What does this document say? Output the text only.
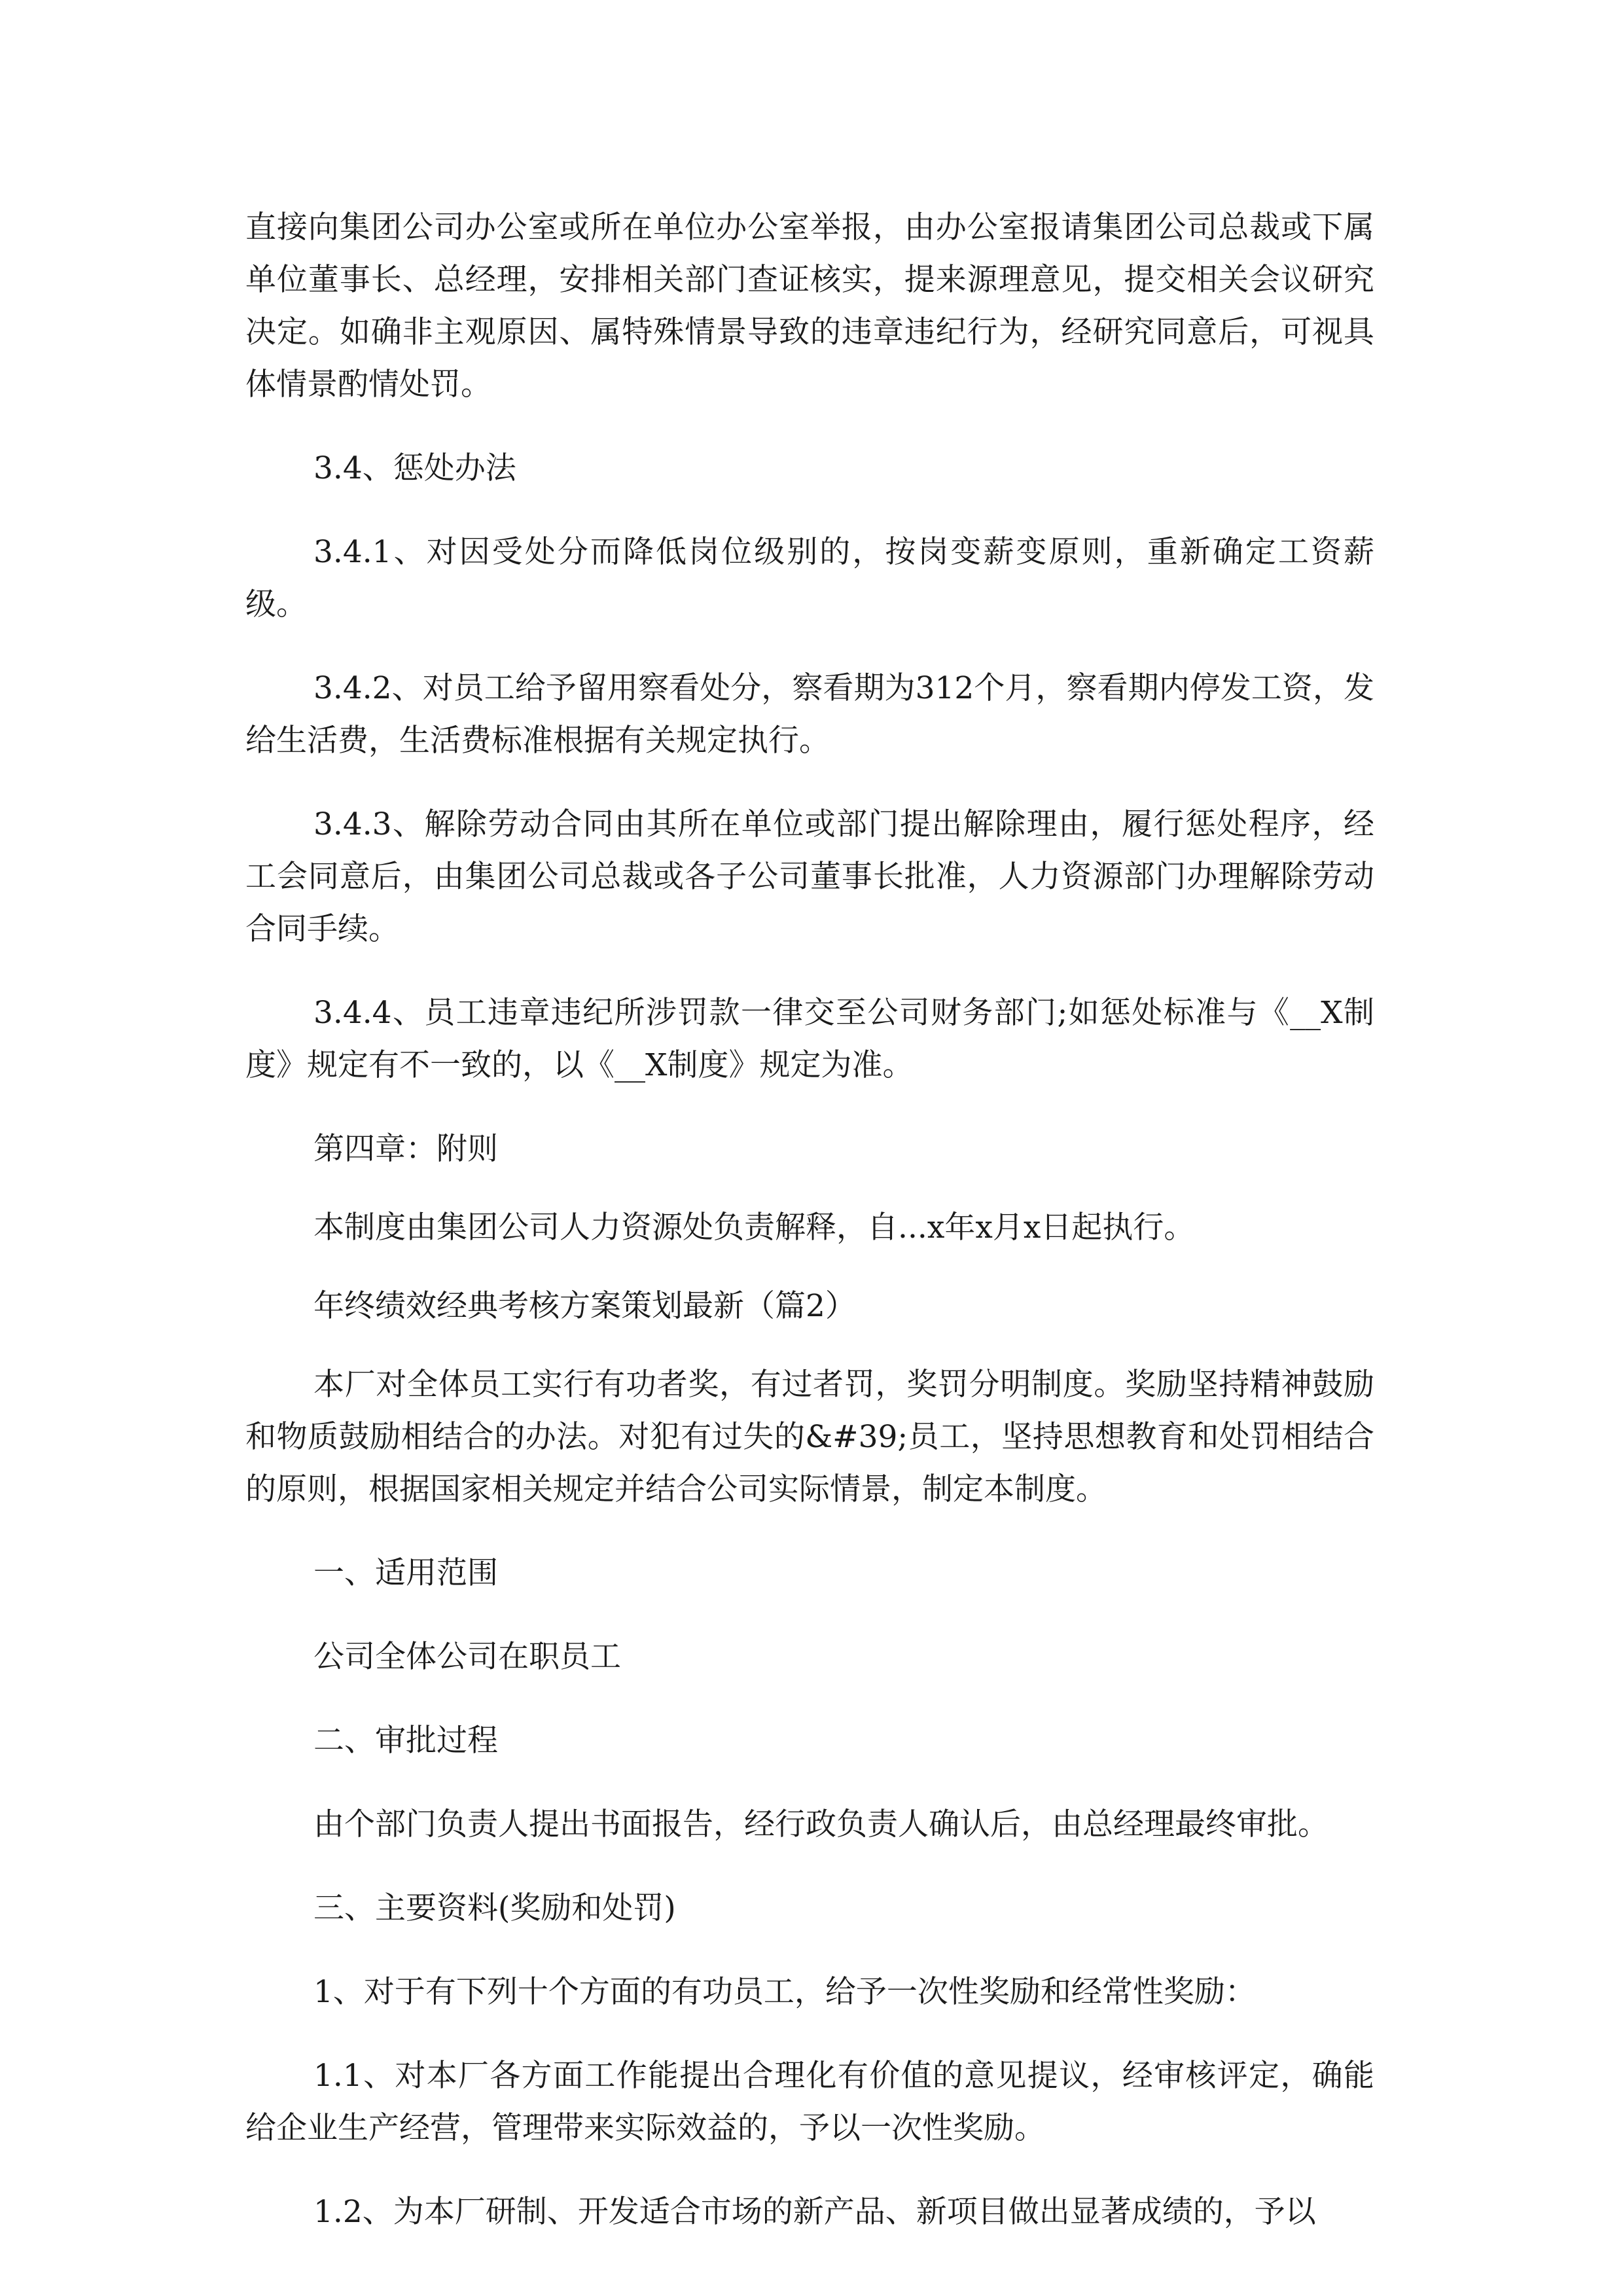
直接向集团公司办公室或所在单位办公室举报，由办公室报请集团公司总裁或下属单位董事长、总经理，安排相关部门查证核实，提来源理意见，提交相关会议研究决定。如确非主观原因、属特殊情景导致的违章违纪行为，经研究同意后，可视具体情景酌情处罚。

3.4、惩处办法

3.4.1、对因受处分而降低岗位级别的，按岗变薪变原则，重新确定工资薪级。

3.4.2、对员工给予留用察看处分，察看期为312个月，察看期内停发工资，发给生活费，生活费标准根据有关规定执行。

3.4.3、解除劳动合同由其所在单位或部门提出解除理由，履行惩处程序，经工会同意后，由集团公司总裁或各子公司董事长批准，人力资源部门办理解除劳动合同手续。

3.4.4、员工违章违纪所涉罚款一律交至公司财务部门;如惩处标准与《__X制度》规定有不一致的，以《__X制度》规定为准。

第四章：附则

本制度由集团公司人力资源处负责解释，自...x年x月x日起执行。

年终绩效经典考核方案策划最新（篇2）

本厂对全体员工实行有功者奖，有过者罚，奖罚分明制度。奖励坚持精神鼓励和物质鼓励相结合的办法。对犯有过失的&#39;员工，坚持思想教育和处罚相结合的原则，根据国家相关规定并结合公司实际情景，制定本制度。

一、适用范围

公司全体公司在职员工

二、审批过程

由个部门负责人提出书面报告，经行政负责人确认后，由总经理最终审批。

三、主要资料(奖励和处罚)

1、对于有下列十个方面的有功员工，给予一次性奖励和经常性奖励：

1.1、对本厂各方面工作能提出合理化有价值的意见提议，经审核评定，确能给企业生产经营，管理带来实际效益的，予以一次性奖励。

1.2、为本厂研制、开发适合市场的新产品、新项目做出显著成绩的，予以
